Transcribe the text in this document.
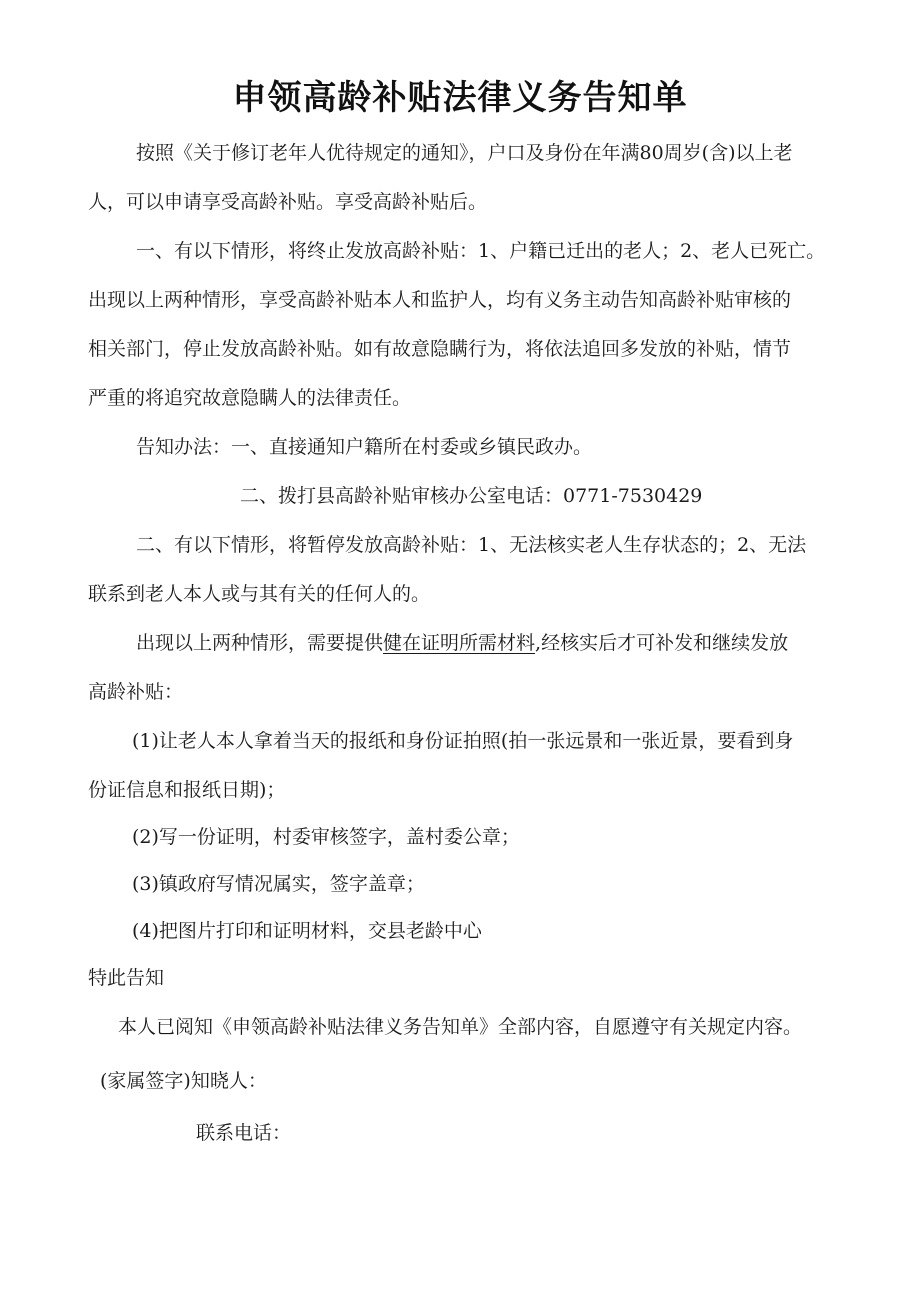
申领高龄补贴法律义务告知单
按照《关于修订老年人优待规定的通知》，户口及身份在年满80周岁(含)以上老
人，可以申请享受高龄补贴。享受高龄补贴后。
一、有以下情形，将终止发放高龄补贴：1、户籍已迁出的老人；2、老人已死亡。
出现以上两种情形，享受高龄补贴本人和监护人，均有义务主动告知高龄补贴审核的
相关部门，停止发放高龄补贴。如有故意隐瞒行为，将依法追回多发放的补贴，情节
严重的将追究故意隐瞒人的法律责任。
告知办法：一、直接通知户籍所在村委或乡镇民政办。
二、拨打县高龄补贴审核办公室电话：0771-7530429
二、有以下情形，将暂停发放高龄补贴：1、无法核实老人生存状态的；2、无法
联系到老人本人或与其有关的任何人的。
出现以上两种情形，需要提供健在证明所需材料,经核实后才可补发和继续发放
高龄补贴：
(1)让老人本人拿着当天的报纸和身份证拍照(拍一张远景和一张近景，要看到身
份证信息和报纸日期)；
(2)写一份证明，村委审核签字，盖村委公章；
(3)镇政府写情况属实，签字盖章；
(4)把图片打印和证明材料，交县老龄中心
特此告知
本人已阅知《申领高龄补贴法律义务告知单》全部内容，自愿遵守有关规定内容。
(家属签字)知晓人：
联系电话：
